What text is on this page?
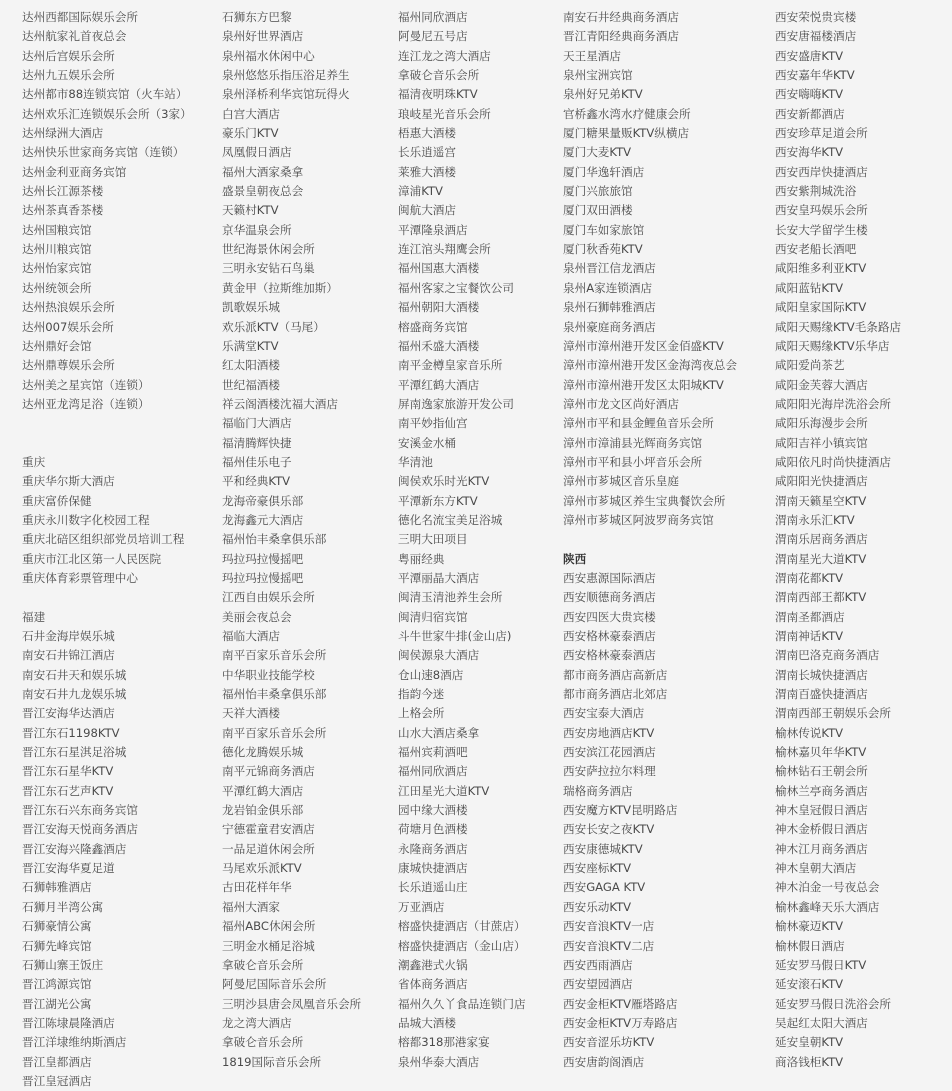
达州西都国际娱乐会所
达州航家礼首夜总会
达州后宫娱乐会所
达州九五娱乐会所
达州都市88连锁宾馆（火车站）
达州欢乐汇连锁娱乐会所（3家）
达州绿洲大酒店
达州快乐世家商务宾馆（连锁）
达州金利亚商务宾馆
达州长江源茶楼
达州茶真香茶楼
达州国粮宾馆
达州川粮宾馆
达州怡家宾馆
达州统领会所
达州热浪娱乐会所
达州007娱乐会所
达州鼎好会馆
达州鼎尊娱乐会所
达州美之星宾馆（连锁）
达州亚龙湾足浴（连锁）
重庆
重庆华尔斯大酒店
重庆富侨保健
重庆永川数字化校园工程
重庆北碚区组织部党员培训工程
重庆市江北区第一人民医院
重庆体育彩票管理中心
福建
石井金海岸娱乐城
南安石井锦江酒店
南安石井天和娱乐城
南安石井九龙娱乐城
晋江安海华达酒店
晋江东石1198KTV
晋江东石星淇足浴城
晋江东石星华KTV
晋江东石艺声KTV
晋江东石兴东商务宾馆
晋江安海天悦商务酒店
晋江安海兴隆鑫酒店
晋江安海华夏足道
石狮韩雅酒店
石狮月半湾公寓
石狮豪情公寓
石狮先峰宾馆
石狮山寨王饭庄
晋江鸿源宾馆
晋江湖光公寓
晋江陈埭晨隆酒店
晋江洋埭维纳斯酒店
晋江皇都酒店
晋江皇冠酒店
石狮东方巴黎
泉州好世界酒店
泉州福水休闲中心
泉州悠悠乐指压浴足养生
泉州泽桥利华宾馆玩得火
白宫大酒店
豪乐门KTV
凤凰假日酒店
福州大酒家桑拿
盛景皇朝夜总会
天籁村KTV
京华温泉会所
世纪海景休闲会所
三明永安钻石鸟巢
黄金甲（拉斯维加斯）
凯歌娱乐城
欢乐派KTV（马尾）
乐满堂KTV
红太阳酒楼
世纪福酒楼
祥云阁酒楼沈福大酒店
福临门大酒店
福清腾辉快捷
福州佳乐电子
平和经典KTV
龙海帝豪俱乐部
龙海鑫元大酒店
福州怡丰桑拿俱乐部
玛拉玛拉慢摇吧
玛拉玛拉慢摇吧
江西自由娱乐会所
美丽会夜总会
福临大酒店
南平百家乐音乐会所
中华职业技能学校
福州怡丰桑拿俱乐部
天祥大酒楼
南平百家乐音乐会所
德化龙腾娱乐城
南平元锦商务酒店
平潭红鹤大酒店
龙岩铂金俱乐部
宁德霍童君安酒店
一品足道休闲会所
马尾欢乐派KTV
古田花样年华
福州大酒家
福州ABC休闲会所
三明金水桶足浴城
拿破仑音乐会所
阿曼尼国际音乐会所
三明沙县唐会凤凰音乐会所
龙之湾大酒店
拿破仑音乐会所
1819国际音乐会所
福州同欣酒店
阿曼尼五号店
连江龙之湾大酒店
拿破仑音乐会所
福清夜明珠KTV
琅岐星光音乐会所
梧惠大酒楼
长乐逍遥宫
莱雅大酒楼
漳浦KTV
闽航大酒店
平潭隆泉酒店
连江涫头翔鹰会所
福州国惠大酒楼
福州客家之宝餐饮公司
福州朝阳大酒楼
榕盛商务宾馆
福州禾盛大酒楼
南平金樽皇家音乐所
平潭红鹤大酒店
屏南逸家旅游开发公司
南平妙指仙宫
安溪金水桶
华清池
闽侯欢乐时光KTV
平潭新东方KTV
德化名流宝美足浴城
三明大田项目
粤丽经典
平潭丽晶大酒店
闽清玉清池养生会所
闽清归宿宾馆
斗牛世家牛排(金山店)
闽侯源泉大酒店
仓山速8酒店
指韵今迷
上格会所
山水大酒店桑拿
福州宾莉酒吧
福州同欣酒店
江田星光大道KTV
园中缘大酒楼
荷塘月色酒楼
永隆商务酒店
康城快捷酒店
长乐逍遥山庄
万亚酒店
榕盛快捷酒店（甘蔗店）
榕盛快捷酒店（金山店）
潮鑫港式火锅
省体商务酒店
福州久久丫食品连锁门店
品城大酒楼
榕都318那港家宴
泉州华泰大酒店
南安石井经典商务酒店
晋江青阳经典商务酒店
天王星酒店
泉州宝洲宾馆
泉州好兄弟KTV
官桥鑫水湾水疗健康会所
厦门糖果量贩KTV纵横店
厦门大麦KTV
厦门华逸轩酒店
厦门兴旅旅馆
厦门双田酒楼
厦门车如家旅馆
厦门秋香苑KTV
泉州晋江信龙酒店
泉州A家连锁酒店
泉州石狮韩雅酒店
泉州豪庭商务酒店
漳州市漳州港开发区金佰盛KTV
漳州市漳州港开发区金海湾夜总会
漳州市漳州港开发区太阳城KTV
漳州市龙文区尚好酒店
漳州市平和县金鲤鱼音乐会所
漳州市漳浦县光辉商务宾馆
漳州市平和县小坪音乐会所
漳州市芗城区音乐皇庭
漳州市芗城区养生宝典餐饮会所
漳州市芗城区阿波罗商务宾馆
陕西
西安惠源国际酒店
西安顺德商务酒店
西安四医大贵宾楼
西安格林豪泰酒店
西安格林豪泰酒店
都市商务酒店高新店
都市商务酒店北郊店
西安宝泰大酒店
西安房地酒店KTV
西安滨江花园酒店
西安萨拉拉尔料理
瑞格商务酒店
西安魔方KTV昆明路店
西安长安之夜KTV
西安康德城KTV
西安座标KTV
西安GAGA KTV
西安乐动KTV
西安音浪KTV一店
西安音浪KTV二店
西安西雨酒店
西安望园酒店
西安金柜KTV雁塔路店
西安金柜KTV万寿路店
西安音涩乐坊KTV
西安唐韵阁酒店
西安荣悦贵宾楼
西安唐福楼酒店
西安盛唐KTV
西安嘉年华KTV
西安嗨嗨KTV
西安新都酒店
西安珍草足道会所
西安海华KTV
西安西岸快捷酒店
西安紫荆城洗浴
西安皇玛娱乐会所
长安大学留学生楼
西安老船长酒吧
咸阳维多利亚KTV
咸阳蓝钻KTV
咸阳皇家国际KTV
咸阳天赐缘KTV毛条路店
咸阳天赐缘KTV乐华店
咸阳爱尚茶艺
咸阳金芙蓉大酒店
咸阳阳光海岸洗浴会所
咸阳乐海漫步会所
咸阳吉祥小镇宾馆
咸阳依凡时尚快捷酒店
咸阳阳光快捷酒店
渭南天籁星空KTV
渭南永乐汇KTV
渭南乐居商务酒店
渭南星光大道KTV
渭南花都KTV
渭南西部王都KTV
渭南圣都酒店
渭南神话KTV
渭南巴洛克商务酒店
渭南长城快捷酒店
渭南百盛快捷酒店
渭南西部王朝娱乐会所
榆林传说KTV
榆林嘉贝年华KTV
榆林钻石王朝会所
榆林兰亭商务酒店
神木皇冠假日酒店
神木金桥假日酒店
神木江月商务酒店
神木皇朝大酒店
神木泊金一号夜总会
榆林鑫峰天乐大酒店
榆林豪迈KTV
榆林假日酒店
延安罗马假日KTV
延安滚石KTV
延安罗马假日洗浴会所
吴起红太阳大酒店
延安皇朝KTV
商洛钱柜KTV
